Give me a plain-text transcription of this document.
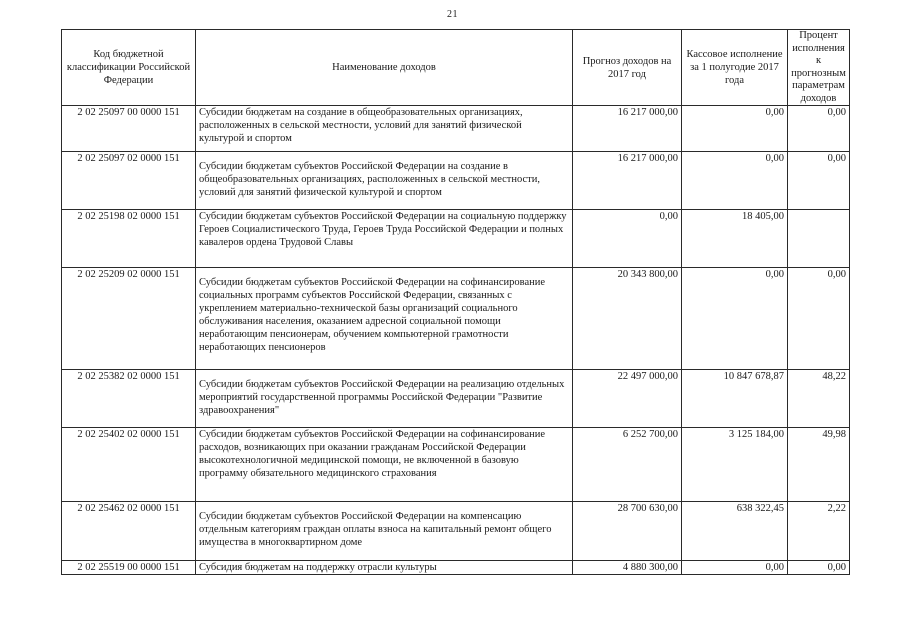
21
Код бюджетной классификации Российской Федерации	Наименование доходов	Прогноз доходов на 2017 год	Кассовое исполнение за 1 полугодие 2017 года	Процент исполнения к прогнозным параметрам доходов
2 02 25097 00 0000 151	Субсидии бюджетам на создание в общеобразовательных организациях, расположенных в сельской местности, условий для занятий физической культурой и спортом	16 217 000,00	0,00	0,00
2 02 25097 02 0000 151	Субсидии бюджетам субъектов Российской Федерации на создание в общеобразовательных организациях, расположенных в сельской местности, условий для занятий физической культурой и спортом	16 217 000,00	0,00	0,00
2 02 25198 02 0000 151	Субсидии бюджетам субъектов Российской Федерации на социальную поддержку Героев Социалистического Труда, Героев Труда Российской Федерации и полных кавалеров ордена Трудовой Славы	0,00	18 405,00	
2 02 25209 02 0000 151	Субсидии бюджетам субъектов Российской Федерации на софинансирование социальных программ субъектов Российской Федерации, связанных с укреплением материально-технической базы организаций социального обслуживания населения, оказанием адресной социальной помощи неработающим пенсионерам, обучением компьютерной грамотности неработающих пенсионеров	20 343 800,00	0,00	0,00
2 02 25382 02 0000 151	Субсидии бюджетам субъектов Российской Федерации на реализацию отдельных мероприятий государственной программы Российской Федерации "Развитие здравоохранения"	22 497 000,00	10 847 678,87	48,22
2 02 25402 02 0000 151	Субсидии бюджетам субъектов Российской Федерации на софинансирование расходов, возникающих при оказании гражданам Российской Федерации высокотехнологичной медицинской помощи, не включенной в базовую программу обязательного медицинского страхования	6 252 700,00	3 125 184,00	49,98
2 02 25462 02 0000 151	Субсидии бюджетам субъектов Российской Федерации на компенсацию отдельным категориям граждан оплаты взноса на капитальный ремонт общего имущества в многоквартирном доме	28 700 630,00	638 322,45	2,22
2 02 25519 00 0000 151	Субсидия бюджетам на поддержку отрасли культуры	4 880 300,00	0,00	0,00
